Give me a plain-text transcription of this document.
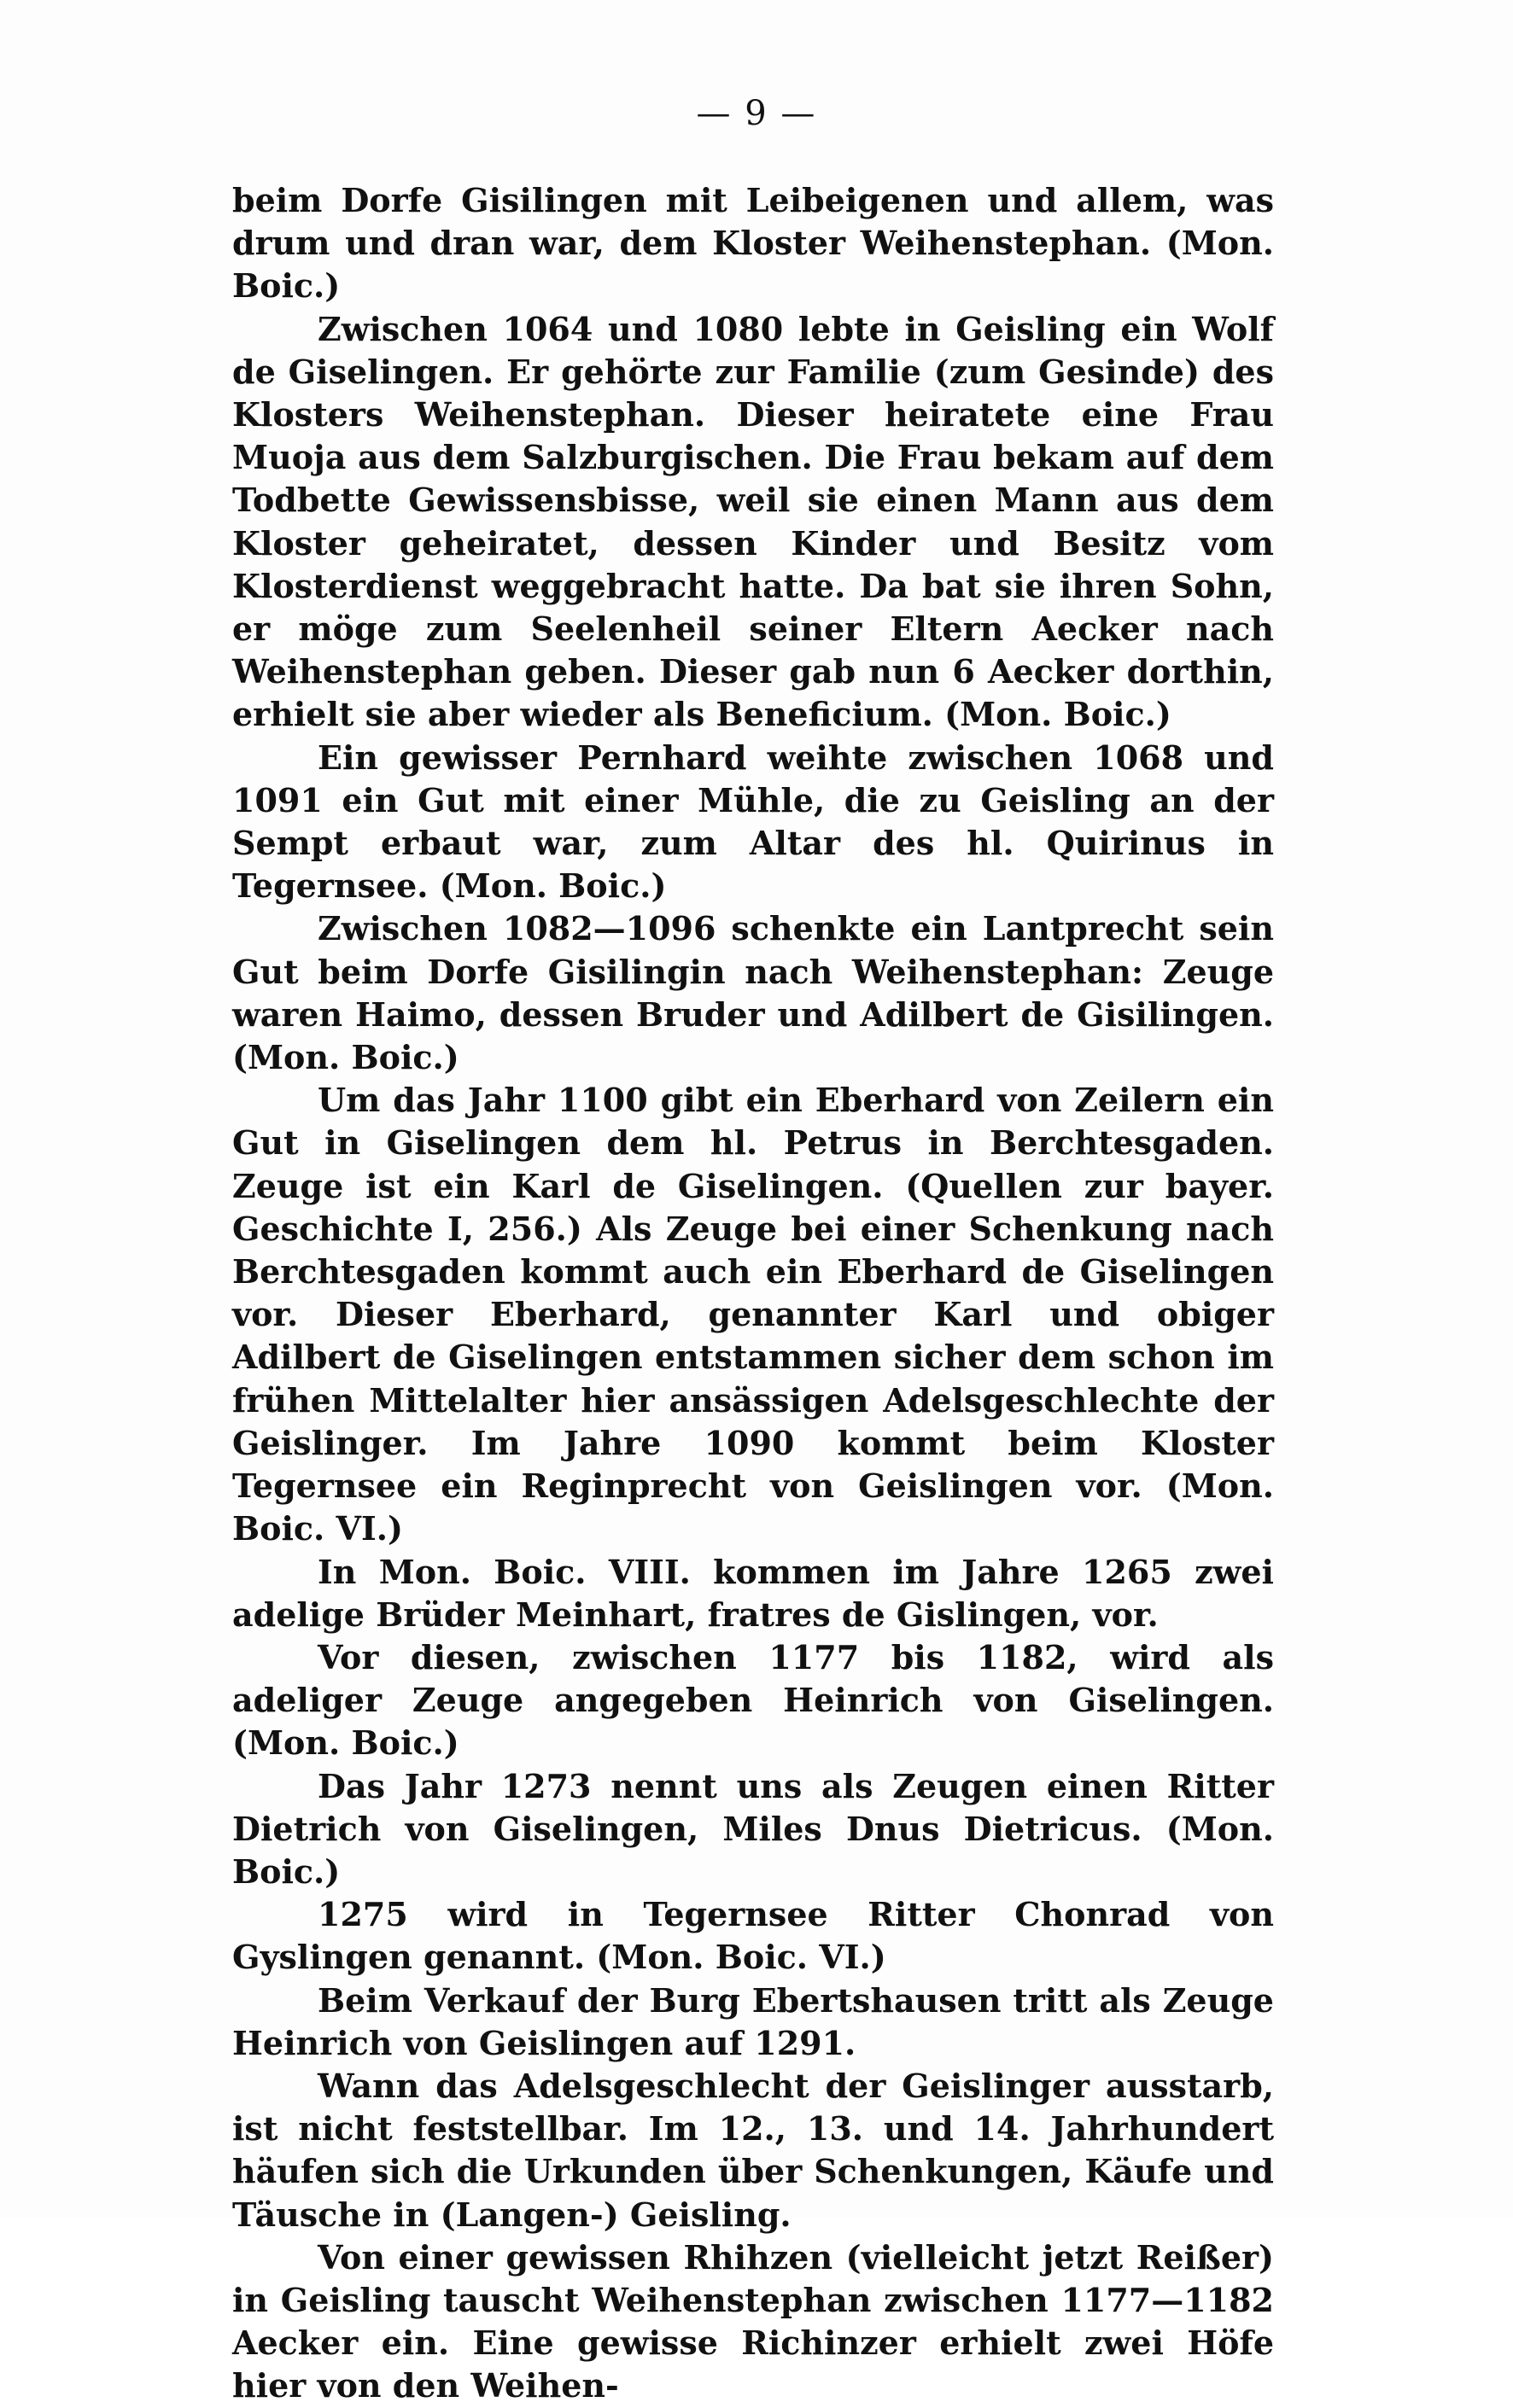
— 9 —

beim Dorfe Gisilingen mit Leibeigenen und allem, was drum und dran war, dem Kloster Weihenstephan. (Mon. Boic.)

Zwischen 1064 und 1080 lebte in Geisling ein Wolf de Giselingen. Er gehörte zur Familie (zum Gesinde) des Klosters Weihenstephan. Dieser heiratete eine Frau Muoja aus dem Salzburgischen. Die Frau bekam auf dem Todbette Gewissensbisse, weil sie einen Mann aus dem Kloster geheiratet, dessen Kinder und Besitz vom Klosterdienst weggebracht hatte. Da bat sie ihren Sohn, er möge zum Seelenheil seiner Eltern Aecker nach Weihenstephan geben. Dieser gab nun 6 Aecker dorthin, erhielt sie aber wieder als Beneficium. (Mon. Boic.)

Ein gewisser Pernhard weihte zwischen 1068 und 1091 ein Gut mit einer Mühle, die zu Geisling an der Sempt erbaut war, zum Altar des hl. Quirinus in Tegernsee. (Mon. Boic.)

Zwischen 1082—1096 schenkte ein Lantprecht sein Gut beim Dorfe Gisilingin nach Weihenstephan: Zeuge waren Haimo, dessen Bruder und Adilbert de Gisilingen. (Mon. Boic.)

Um das Jahr 1100 gibt ein Eberhard von Zeilern ein Gut in Giselingen dem hl. Petrus in Berchtesgaden. Zeuge ist ein Karl de Giselingen. (Quellen zur bayer. Geschichte I, 256.) Als Zeuge bei einer Schenkung nach Berchtesgaden kommt auch ein Eberhard de Giselingen vor. Dieser Eberhard, genannter Karl und obiger Adilbert de Giselingen entstammen sicher dem schon im frühen Mittelalter hier ansässigen Adelsgeschlechte der Geislinger. Im Jahre 1090 kommt beim Kloster Tegernsee ein Reginprecht von Geislingen vor. (Mon. Boic. VI.)

In Mon. Boic. VIII. kommen im Jahre 1265 zwei adelige Brüder Meinhart, fratres de Gislingen, vor.

Vor diesen, zwischen 1177 bis 1182, wird als adeliger Zeuge angegeben Heinrich von Giselingen. (Mon. Boic.)

Das Jahr 1273 nennt uns als Zeugen einen Ritter Dietrich von Giselingen, Miles Dnus Dietricus. (Mon. Boic.)

1275 wird in Tegernsee Ritter Chonrad von Gyslingen genannt. (Mon. Boic. VI.)

Beim Verkauf der Burg Ebertshausen tritt als Zeuge Heinrich von Geislingen auf 1291.

Wann das Adelsgeschlecht der Geislinger ausstarb, ist nicht feststellbar. Im 12., 13. und 14. Jahrhundert häufen sich die Urkunden über Schenkungen, Käufe und Täusche in (Langen-) Geisling.

Von einer gewissen Rhihzen (vielleicht jetzt Reißer) in Geisling tauscht Weihenstephan zwischen 1177—1182 Aecker ein. Eine gewisse Richinzer erhielt zwei Höfe hier von den Weihen-
